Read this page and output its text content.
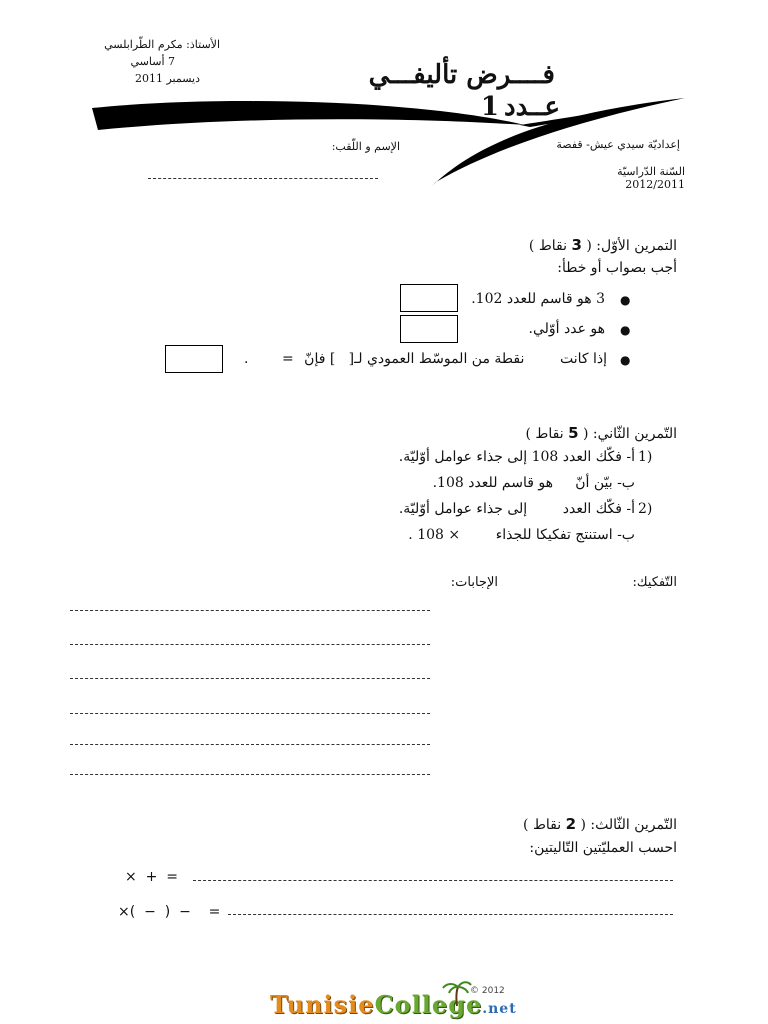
الأستاذ: مكرم الطّرابلسي
7 أساسي
ديسمبر 2011	فــــرض تأليفـــي
عــدد 1
إعداديّة سيدي عيش- قفصة
الإسم و اللّقب:
السّنة الدّراسيّة 2012/2011
التمرين الأوّل: ( 3 نقاط )
أجب بصواب أو خطأ:
●
3 هو قاسم للعدد 102.
●
هو عدد أوّلي.
●
إذا كانت        نقطة من الموسّط العمودي لـ[   ] فإنّ
=
.
التّمرين الثّاني: ( 5 نقاط )
1)
أ- فكّك العدد 108 إلى جذاء عوامل أوّليّة.
ب- بيّن أنّ     هو قاسم للعدد 108.
2)
أ- فكّك العدد        إلى جذاء عوامل أوّليّة.
ب- استنتج تفكيكا للجذاء        × 108 .
التّفكيك:
الإجابات:
التّمرين الثّالث: ( 2 نقاط )
احسب العمليّتين التّاليتين:
×  +  =
×(  −  )  −    =
TunisieCollege.net
© 2012
